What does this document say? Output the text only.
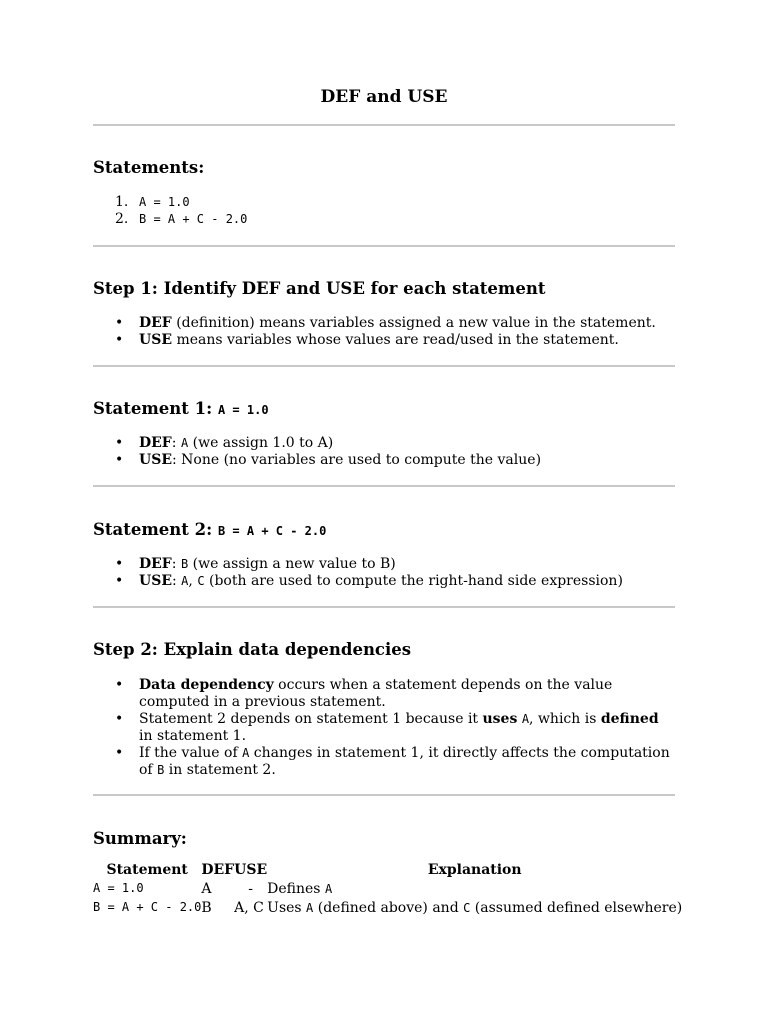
DEF and USE
Statements:
1. A = 1.0
2. B = A + C - 2.0
Step 1: Identify DEF and USE for each statement
• DEF (definition) means variables assigned a new value in the statement.
• USE means variables whose values are read/used in the statement.
Statement 1: A = 1.0
• DEF: A (we assign 1.0 to A)
• USE: None (no variables are used to compute the value)
Statement 2: B = A + C - 2.0
• DEF: B (we assign a new value to B)
• USE: A, C (both are used to compute the right-hand side expression)
Step 2: Explain data dependencies
• Data dependency occurs when a statement depends on the value computed in a previous statement.
• Statement 2 depends on statement 1 because it uses A, which is defined in statement 1.
• If the value of A changes in statement 1, it directly affects the computation of B in statement 2.
Summary:
Statement	DEF	USE	Explanation
A = 1.0	A	-	Defines A
B = A + C - 2.0	B	A, C	Uses A (defined above) and C (assumed defined elsewhere)
